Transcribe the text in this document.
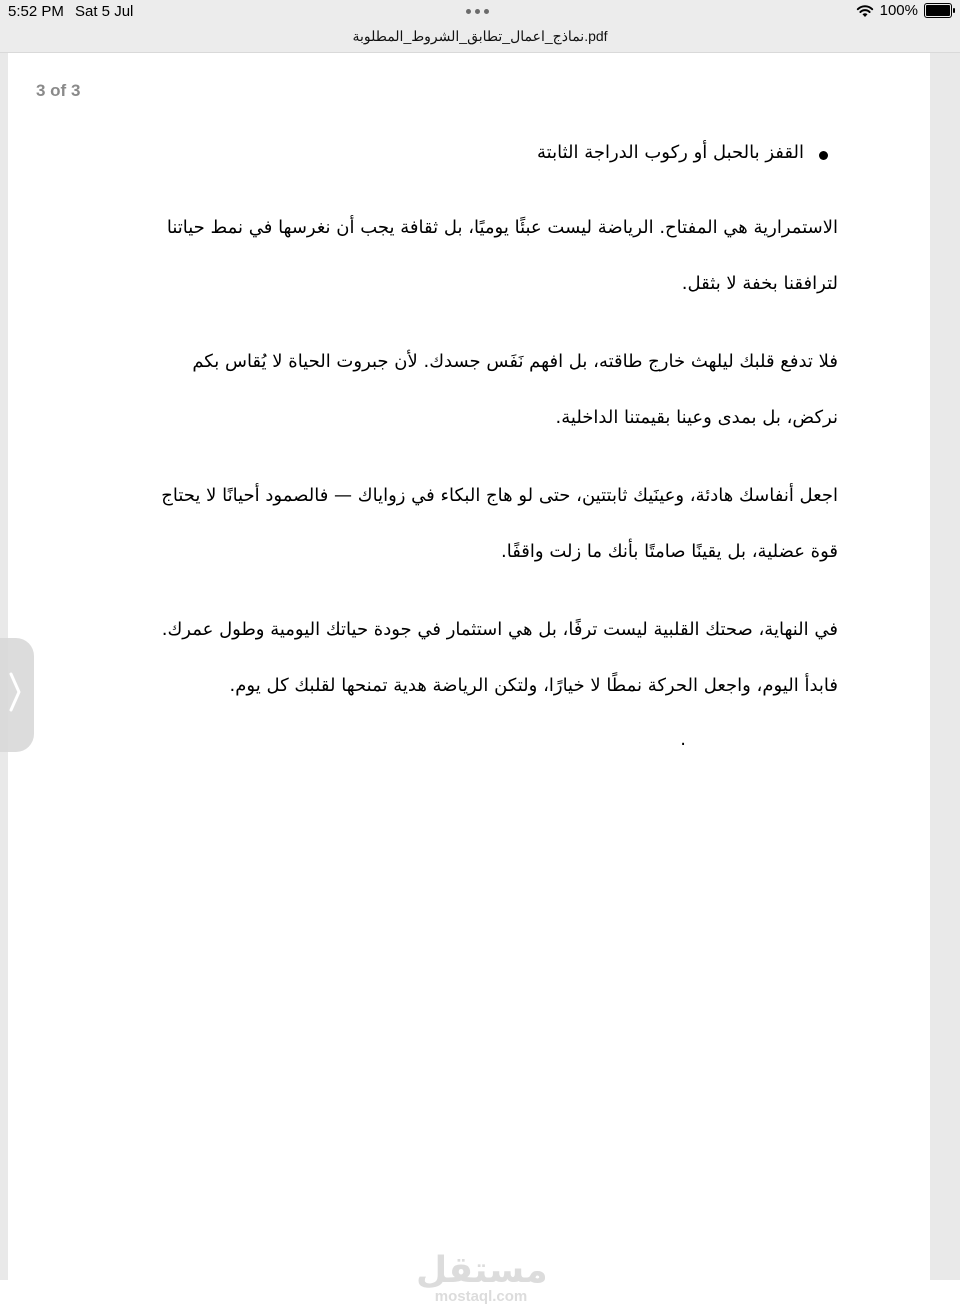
5:52 PM Sat 5 Jul	100%
نماذج_اعمال_تطابق_الشروط_المطلوبة.pdf
3 of 3
القفز بالحبل أو ركوب الدراجة الثابتة

الاستمرارية هي المفتاح. الرياضة ليست عبئًا يوميًا، بل ثقافة يجب أن نغرسها في نمط حياتنا لترافقنا بخفة لا بثقل.

فلا تدفع قلبك ليلهث خارج طاقته، بل افهم نَفَس جسدك. لأن جبروت الحياة لا يُقاس بكم نركض، بل بمدى وعينا بقيمتنا الداخلية.

اجعل أنفاسك هادئة، وعينَيك ثابتتين، حتى لو هاج البكاء في زواياك — فالصمود أحيانًا لا يحتاج قوة عضلية، بل يقينًا صامتًا بأنك ما زلت واقفًا.

في النهاية، صحتك القلبية ليست ترفًا، بل هي استثمار في جودة حياتك اليومية وطول عمرك.

فابدأ اليوم، واجعل الحركة نمطًا لا خيارًا، ولتكن الرياضة هدية تمنحها لقلبك كل يوم.

.
مستقل
mostaql.com
